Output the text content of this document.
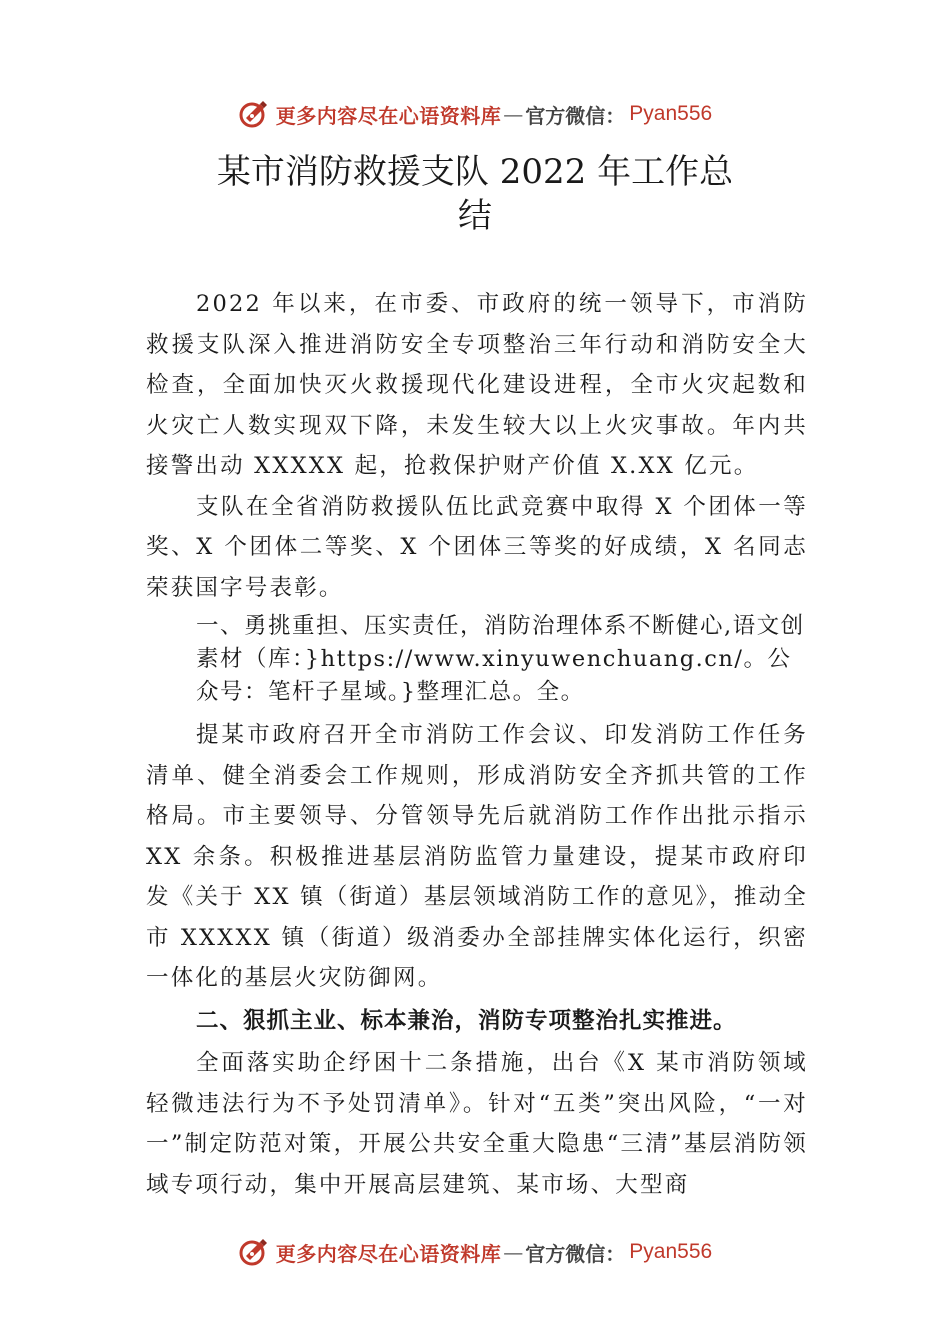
更多内容尽在心语资料库 — 官方微信： Pyan556
某市消防救援支队 2022 年工作总
结

2022 年以来，在市委、市政府的统一领导下，市消防救援支队深入推进消防安全专项整治三年行动和消防安全大检查，全面加快灭火救援现代化建设进程，全市火灾起数和火灾亡人数实现双下降，未发生较大以上火灾事故。年内共接警出动 XXXXX 起，抢救保护财产价值 X.XX 亿元。

支队在全省消防救援队伍比武竞赛中取得 X 个团体一等奖、X 个团体二等奖、X 个团体三等奖的好成绩，X 名同志荣获国字号表彰。

一、勇挑重担、压实责任，消防治理体系不断健心,语文创素材（库：}https://www.xinyuwenchuang.cn/。公众号：笔杆子星域。}整理汇总。全。

提某市政府召开全市消防工作会议、印发消防工作任务清单、健全消委会工作规则，形成消防安全齐抓共管的工作格局。市主要领导、分管领导先后就消防工作作出批示指示 XX 余条。积极推进基层消防监管力量建设，提某市政府印发《关于 XX 镇（街道）基层领域消防工作的意见》，推动全市 XXXXX 镇（街道）级消委办全部挂牌实体化运行，织密一体化的基层火灾防御网。

二、狠抓主业、标本兼治，消防专项整治扎实推进。

全面落实助企纾困十二条措施，出台《X 某市消防领域轻微违法行为不予处罚清单》。针对“五类”突出风险，“一对一”制定防范对策，开展公共安全重大隐患“三清”基层消防领域专项行动，集中开展高层建筑、某市场、大型商

更多内容尽在心语资料库 — 官方微信： Pyan556
